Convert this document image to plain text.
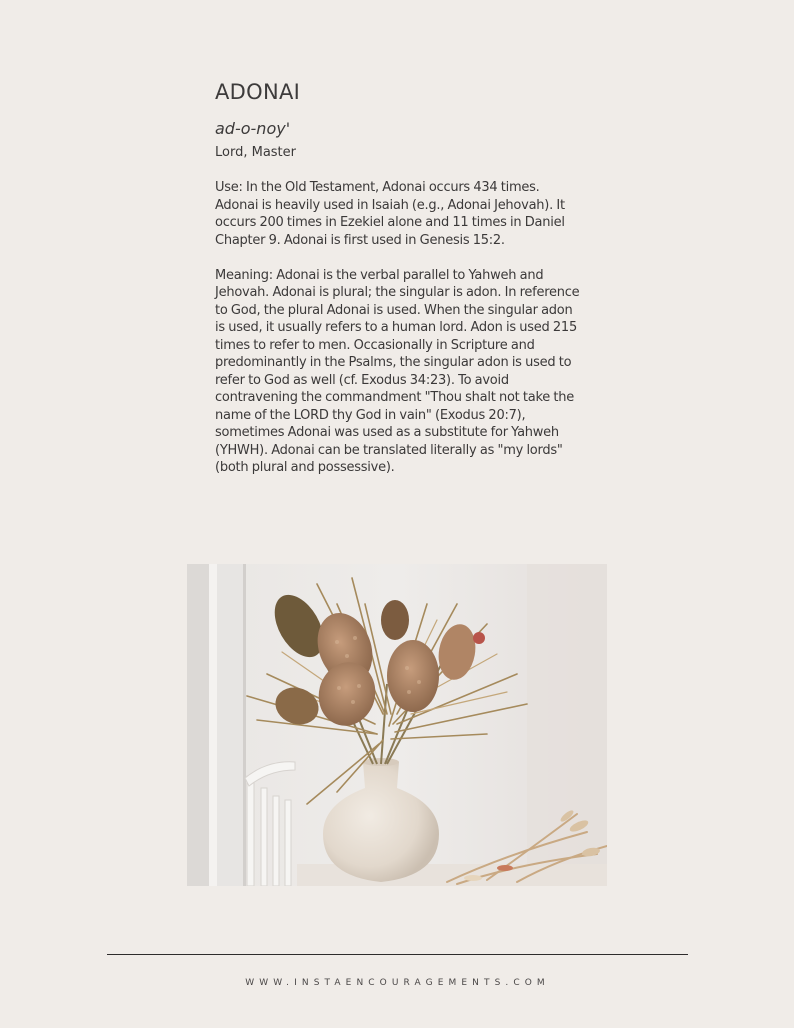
ADONAI
ad-o-noy'
Lord, Master

Use: In the Old Testament, Adonai occurs 434 times. Adonai is heavily used in Isaiah (e.g., Adonai Jehovah). It occurs 200 times in Ezekiel alone and 11 times in Daniel Chapter 9. Adonai is first used in Genesis 15:2.

Meaning: Adonai is the verbal parallel to Yahweh and Jehovah. Adonai is plural; the singular is adon. In reference to God, the plural Adonai is used. When the singular adon is used, it usually refers to a human lord. Adon is used 215 times to refer to men. Occasionally in Scripture and predominantly in the Psalms, the singular adon is used to refer to God as well (cf. Exodus 34:23). To avoid contravening the commandment "Thou shalt not take the name of the LORD thy God in vain" (Exodus 20:7), sometimes Adonai was used as a substitute for Yahweh (YHWH). Adonai can be translated literally as "my lords" (both plural and possessive).

WWW.INSTAENCOURAGEMENTS.COM
